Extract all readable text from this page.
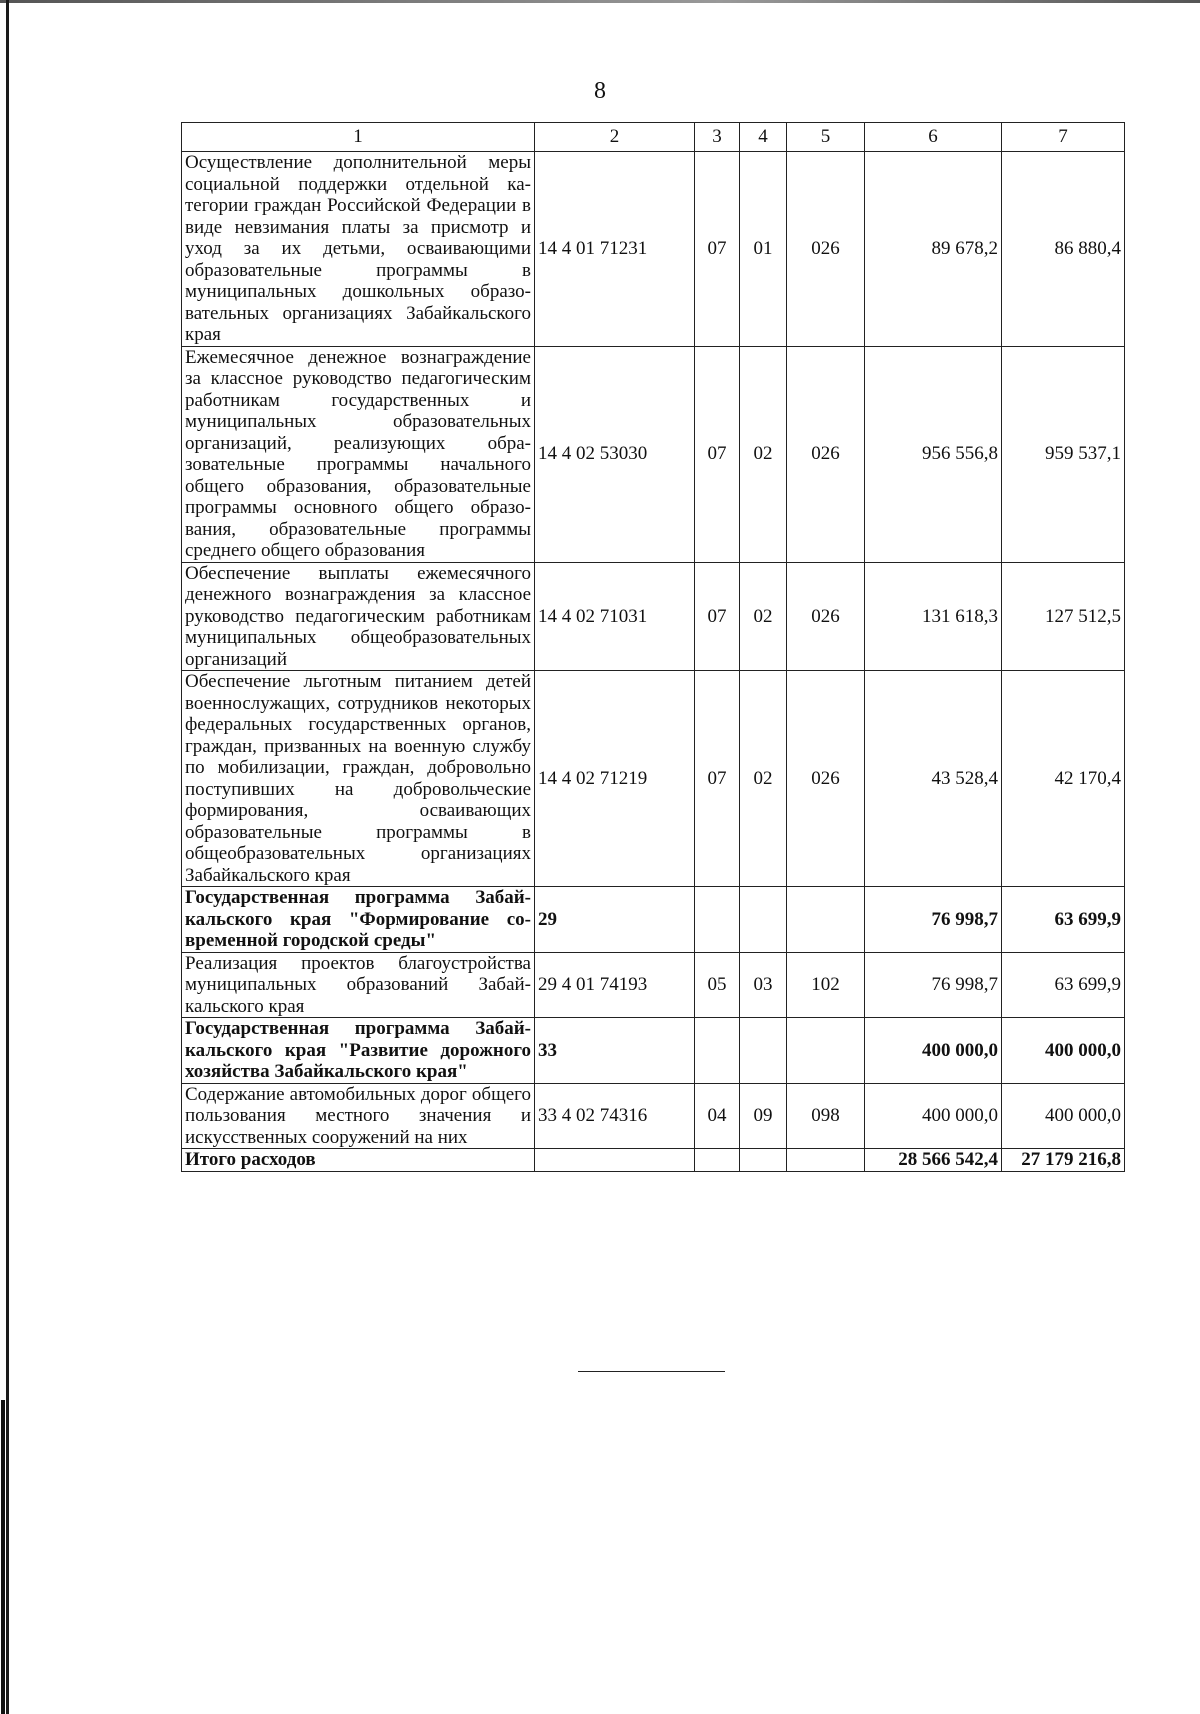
8
1	2	3	4	5	6	7
Осуществление дополнительной меры социальной поддержки отдельной категории граждан Российской Федерации в виде невзимания платы за присмотр и уход за их детьми, осваивающими образовательные программы в муниципальных дошкольных образовательных организациях Забайкальского края	14 4 01 71231	07	01	026	89 678,2	86 880,4
Ежемесячное денежное вознаграждение за классное руководство педагогическим работникам государственных и муниципальных образовательных организаций, реализующих образовательные программы начального общего образования, образовательные программы основного общего образования, образовательные программы среднего общего образования	14 4 02 53030	07	02	026	956 556,8	959 537,1
Обеспечение выплаты ежемесячного денежного вознаграждения за классное руководство педагогическим работникам муниципальных общеобразовательных организаций	14 4 02 71031	07	02	026	131 618,3	127 512,5
Обеспечение льготным питанием детей военнослужащих, сотрудников некоторых федеральных государственных органов, граждан, призванных на военную службу по мобилизации, граждан, добровольно поступивших на добровольческие формирования, осваивающих образовательные программы в общеобразовательных организациях Забайкальского края	14 4 02 71219	07	02	026	43 528,4	42 170,4
Государственная программа Забайкальского края "Формирование современной городской среды"	29				76 998,7	63 699,9
Реализация проектов благоустройства муниципальных образований Забайкальского края	29 4 01 74193	05	03	102	76 998,7	63 699,9
Государственная программа Забайкальского края "Развитие дорожного хозяйства Забайкальского края"	33				400 000,0	400 000,0
Содержание автомобильных дорог общего пользования местного значения и искусственных сооружений на них	33 4 02 74316	04	09	098	400 000,0	400 000,0
Итого расходов					28 566 542,4	27 179 216,8
